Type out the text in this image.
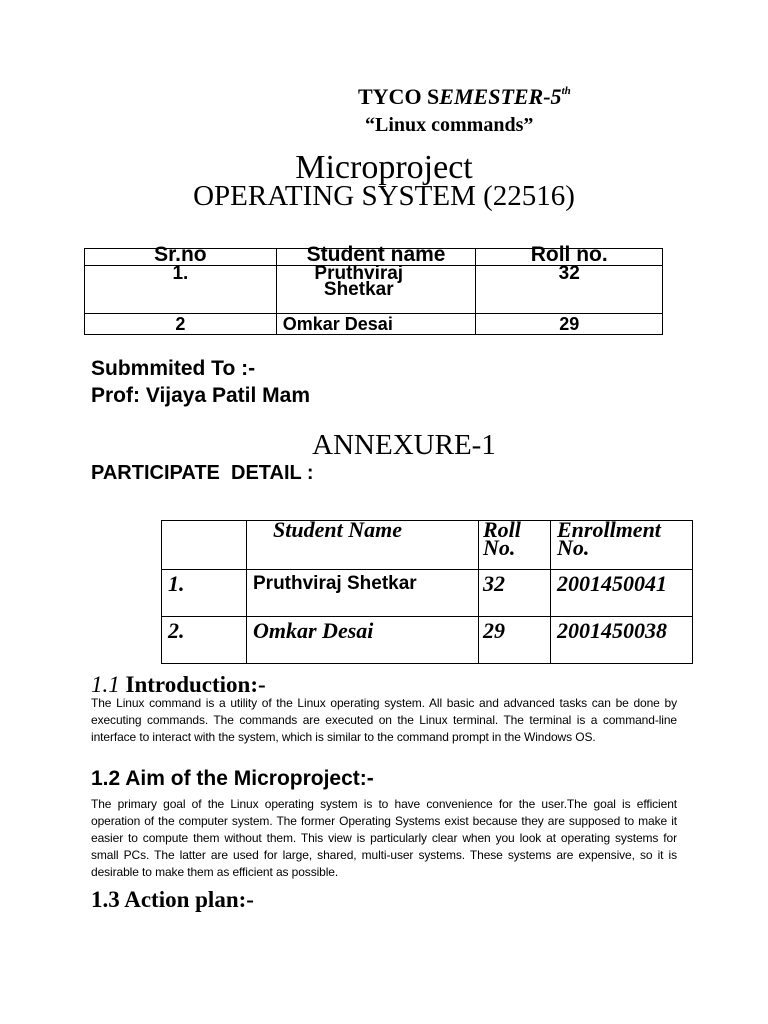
TYCO SEMESTER-5th
“Linux commands”
Microproject
OPERATING SYSTEM (22516)
Sr.no	Student name	Roll no.
1.	Pruthviraj Shetkar	32
2	Omkar Desai	29
Submmited To :-
Prof: Vijaya Patil Mam
ANNEXURE-1
PARTICIPATE  DETAIL :
	Student Name	Roll No.	Enrollment No.
1.	Pruthviraj Shetkar	32	2001450041
2.	Omkar Desai	29	2001450038
1.1 Introduction:-
The Linux command is a utility of the Linux operating system. All basic and advanced tasks can be done by executing commands. The commands are executed on the Linux terminal. The terminal is a command-line interface to interact with the system, which is similar to the command prompt in the Windows OS.
1.2 Aim of the Microproject:-
The primary goal of the Linux operating system is to have convenience for the user.The goal is efficient operation of the computer system. The former Operating Systems exist because they are supposed to make it easier to compute them without them. This view is particularly clear when you look at operating systems for small PCs. The latter are used for large, shared, multi-user systems. These systems are expensive, so it is desirable to make them as efficient as possible.
1.3 Action plan:-
